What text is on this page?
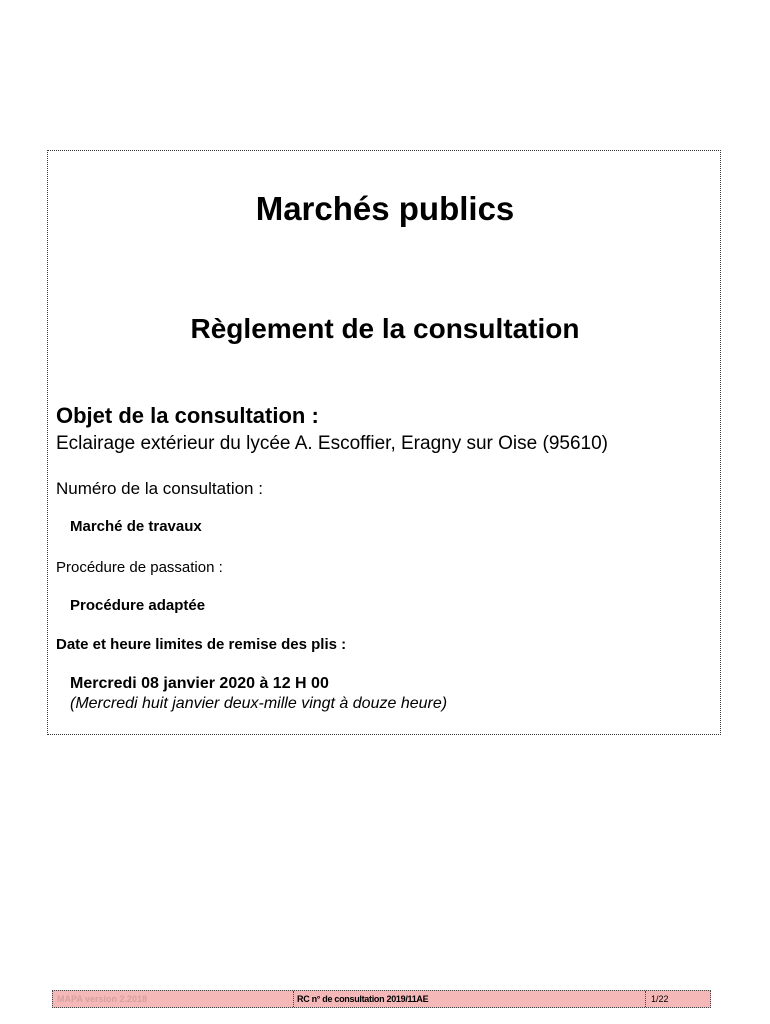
Marchés publics
Règlement de la consultation
Objet de la consultation :
Eclairage extérieur du lycée A. Escoffier, Eragny sur Oise (95610)
Numéro de la consultation :
Marché de travaux
Procédure de passation :
Procédure adaptée
Date et heure limites de remise des plis :
Mercredi 08 janvier 2020 à 12 H 00
(Mercredi huit janvier deux-mille vingt à douze heure)
MAPA version 2.2018	RC n° de consultation 2019/11AE	1/22
